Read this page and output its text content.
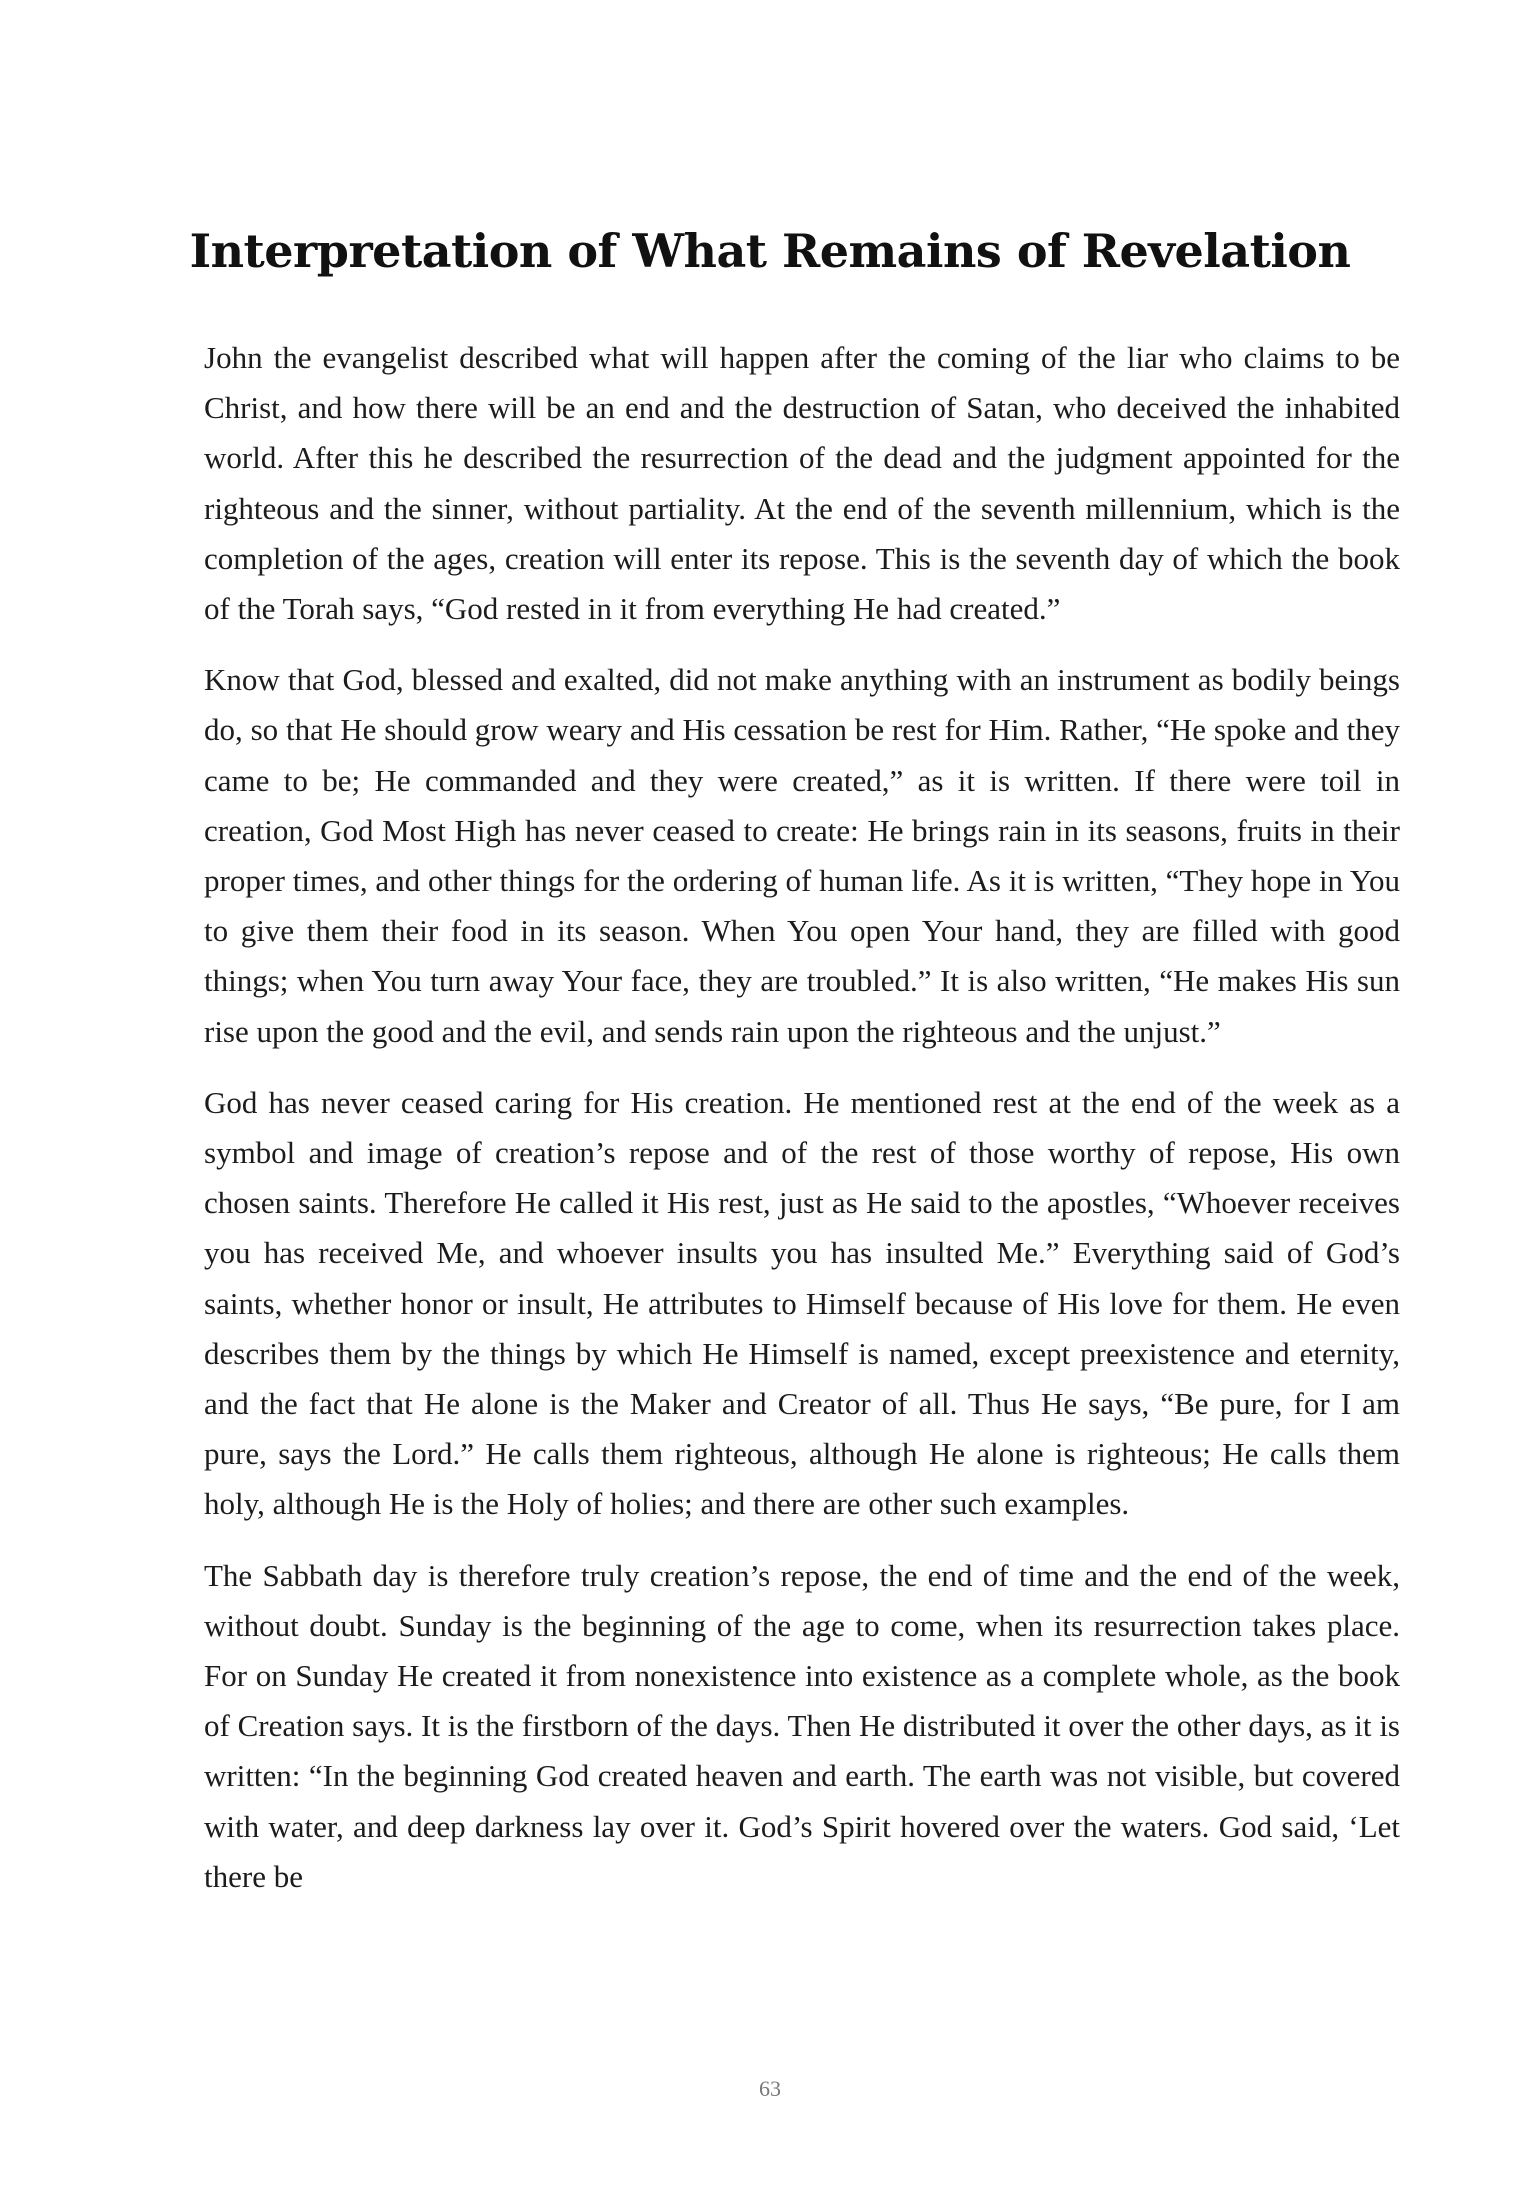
Interpretation of What Remains of Revelation

John the evangelist described what will happen after the coming of the liar who claims to be Christ, and how there will be an end and the destruction of Satan, who deceived the inhabited world. After this he described the resurrection of the dead and the judgment appointed for the righteous and the sinner, without partiality. At the end of the seventh millennium, which is the completion of the ages, creation will enter its repose. This is the seventh day of which the book of the Torah says, “God rested in it from everything He had created.”

Know that God, blessed and exalted, did not make anything with an instrument as bodily beings do, so that He should grow weary and His cessation be rest for Him. Rather, “He spoke and they came to be; He commanded and they were created,” as it is written. If there were toil in creation, God Most High has never ceased to create: He brings rain in its seasons, fruits in their proper times, and other things for the ordering of human life. As it is written, “They hope in You to give them their food in its season. When You open Your hand, they are filled with good things; when You turn away Your face, they are troubled.” It is also written, “He makes His sun rise upon the good and the evil, and sends rain upon the righteous and the unjust.”

God has never ceased caring for His creation. He mentioned rest at the end of the week as a symbol and image of creation’s repose and of the rest of those worthy of repose, His own chosen saints. Therefore He called it His rest, just as He said to the apostles, “Whoever receives you has received Me, and whoever insults you has insulted Me.” Everything said of God’s saints, whether honor or insult, He attributes to Himself because of His love for them. He even describes them by the things by which He Himself is named, except preexistence and eternity, and the fact that He alone is the Maker and Creator of all. Thus He says, “Be pure, for I am pure, says the Lord.” He calls them righteous, although He alone is righteous; He calls them holy, although He is the Holy of holies; and there are other such examples.

The Sabbath day is therefore truly creation’s repose, the end of time and the end of the week, without doubt. Sunday is the beginning of the age to come, when its resurrection takes place. For on Sunday He created it from nonexistence into existence as a complete whole, as the book of Creation says. It is the firstborn of the days. Then He distributed it over the other days, as it is written: “In the beginning God created heaven and earth. The earth was not visible, but covered with water, and deep darkness lay over it. God’s Spirit hovered over the waters. God said, ‘Let there be

63
